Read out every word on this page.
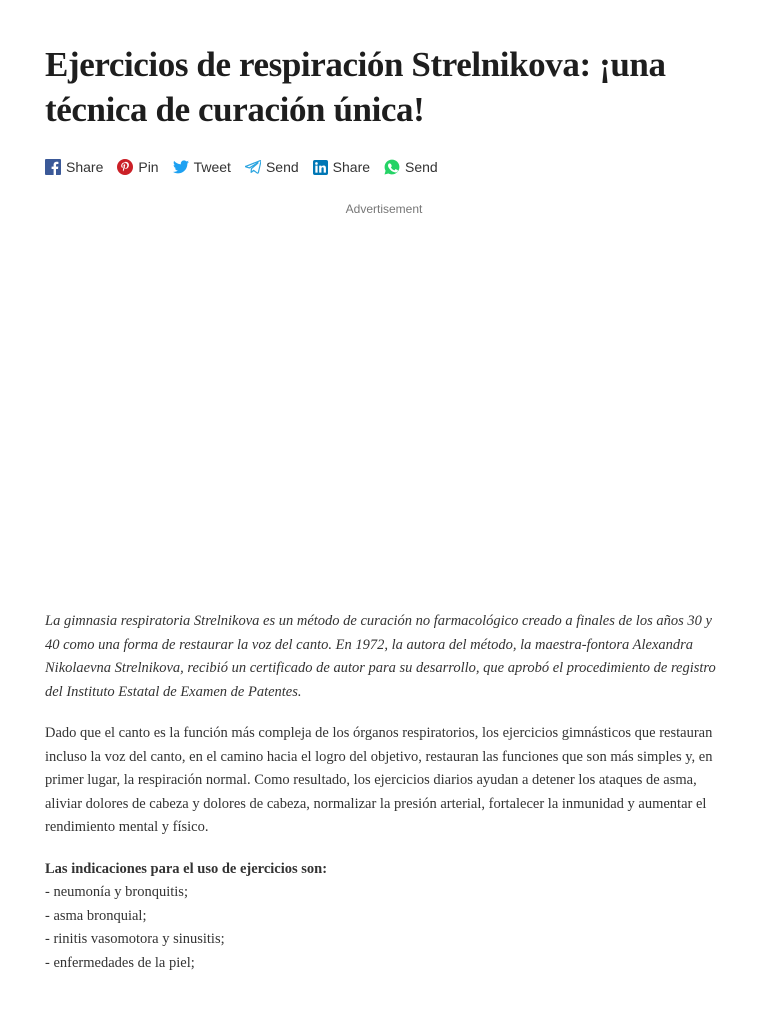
Ejercicios de respiración Strelnikova: ¡una técnica de curación única!
Share	Pin	Tweet	Send Share	Send
Advertisement

La gimnasia respiratoria Strelnikova es un método de curación no farmacológico creado a finales de los años 30 y 40 como una forma de restaurar la voz del canto. En 1972, la autora del método, la maestra-fontora Alexandra Nikolaevna Strelnikova, recibió un certificado de autor para su desarrollo, que aprobó el procedimiento de registro del Instituto Estatal de Examen de Patentes.

Dado que el canto es la función más compleja de los órganos respiratorios, los ejercicios gimnásticos que restauran incluso la voz del canto, en el camino hacia el logro del objetivo, restauran las funciones que son más simples y, en primer lugar, la respiración normal. Como resultado, los ejercicios diarios ayudan a detener los ataques de asma, aliviar dolores de cabeza y dolores de cabeza, normalizar la presión arterial, fortalecer la inmunidad y aumentar el rendimiento mental y físico.

Las indicaciones para el uso de ejercicios son:
- neumonía y bronquitis;
- asma bronquial;
- rinitis vasomotora y sinusitis;
- enfermedades de la piel;
